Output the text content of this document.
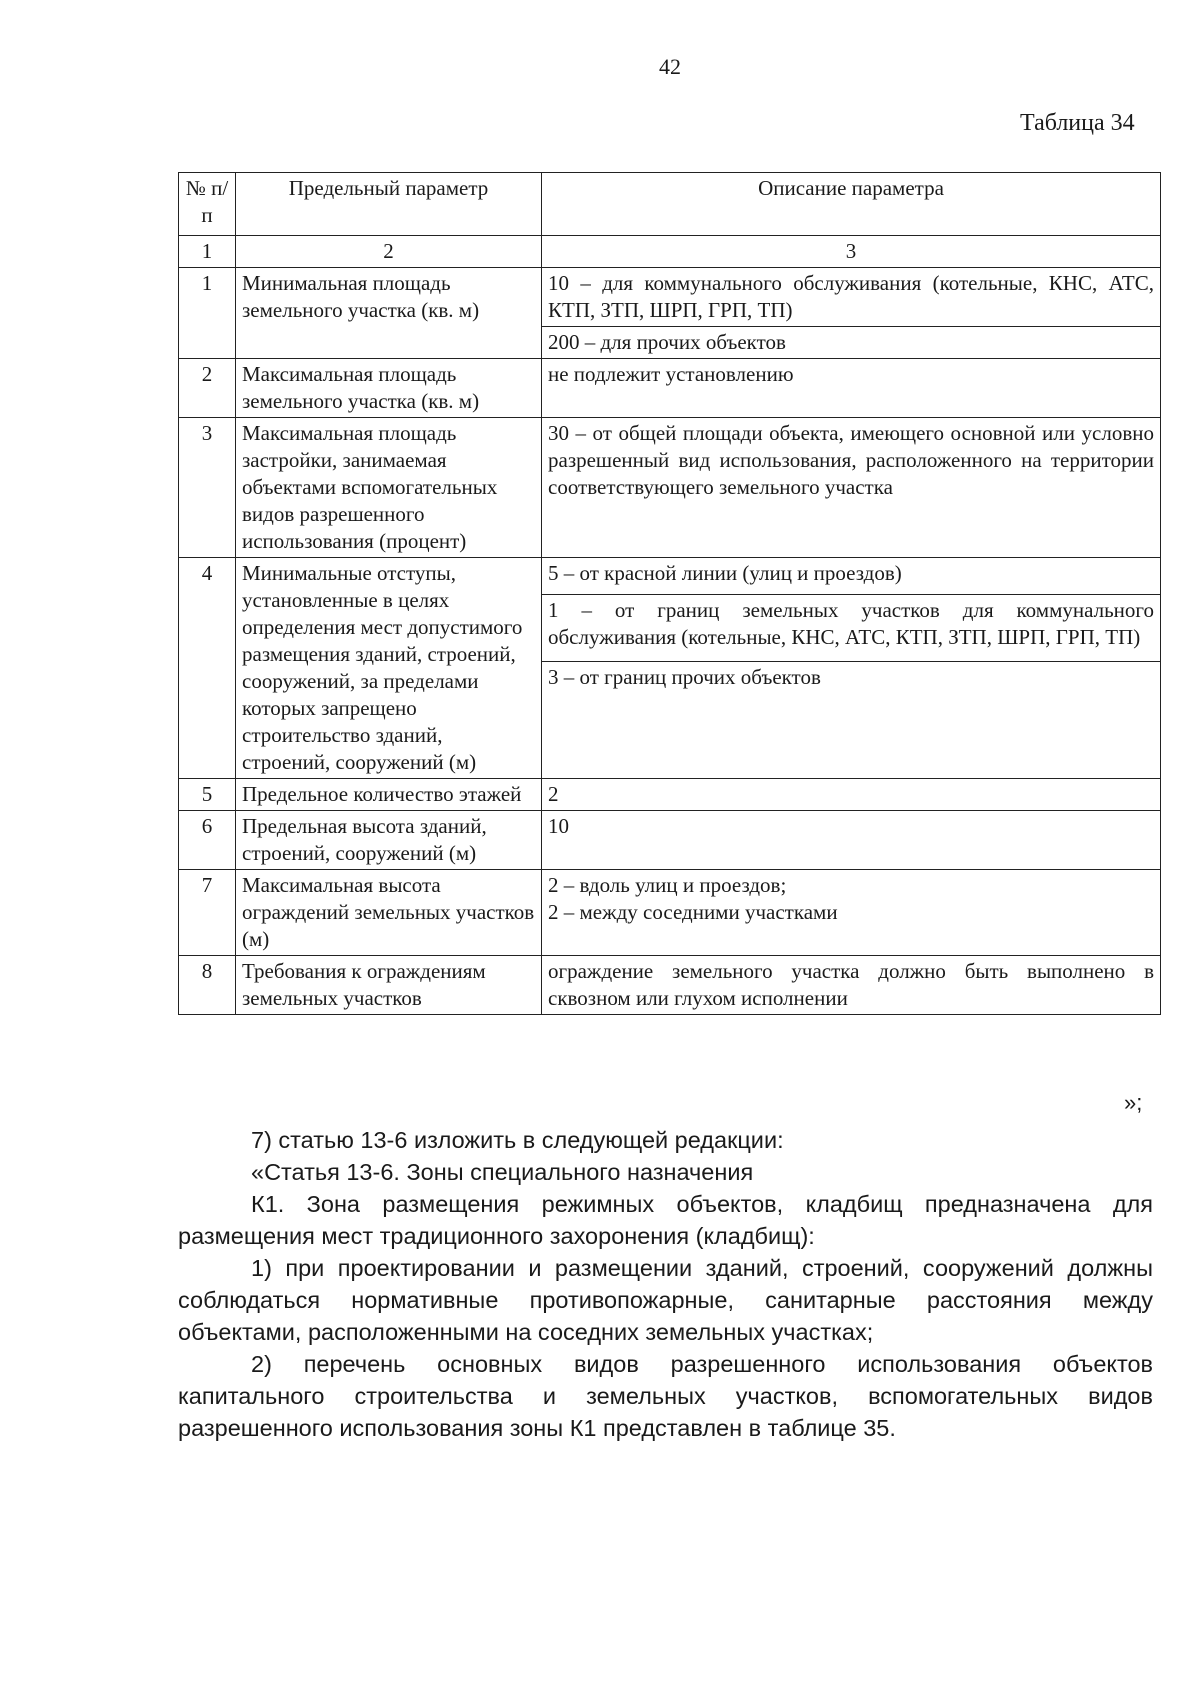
42
Таблица 34
№ п/п	Предельный параметр	Описание параметра
1	2	3
1	Минимальная площадь земельного участка (кв. м)	10 – для коммунального обслуживания (котельные, КНС, АТС, КТП, ЗТП, ШРП, ГРП, ТП)
		200 – для прочих объектов
2	Максимальная площадь земельного участка (кв. м)	не подлежит установлению
3	Максимальная площадь застройки, занимаемая объектами вспомогательных видов разрешенного использования (процент)	30 – от общей площади объекта, имеющего основной или условно разрешенный вид использования, расположенного на территории соответствующего земельного участка
4	Минимальные отступы, установленные в целях определения мест допустимого размещения зданий, строений, сооружений, за пределами которых запрещено строительство зданий, строений, сооружений (м)	5 – от красной линии (улиц и проездов)
		1 – от границ земельных участков для коммунального обслуживания (котельные, КНС, АТС, КТП, ЗТП, ШРП, ГРП, ТП)
		3 – от границ прочих объектов
5	Предельное количество этажей	2
6	Предельная высота зданий, строений, сооружений (м)	10
7	Максимальная высота ограждений земельных участков (м)	2 – вдоль улиц и проездов;
2 – между соседними участками

8	Требования к ограждениям земельных участков	ограждение земельного участка должно быть выполнено в сквозном или глухом исполнении
»;

7) статью 13-6 изложить в следующей редакции:

«Статья 13-6. Зоны специального назначения

К1. Зона размещения режимных объектов, кладбищ предназначена для размещения мест традиционного захоронения (кладбищ):

1) при проектировании и размещении зданий, строений, сооружений должны соблюдаться нормативные противопожарные, санитарные расстояния между объектами, расположенными на соседних земельных участках;

2) перечень основных видов разрешенного использования объектов капитального строительства и земельных участков, вспомогательных видов разрешенного использования зоны К1 представлен в таблице 35.
